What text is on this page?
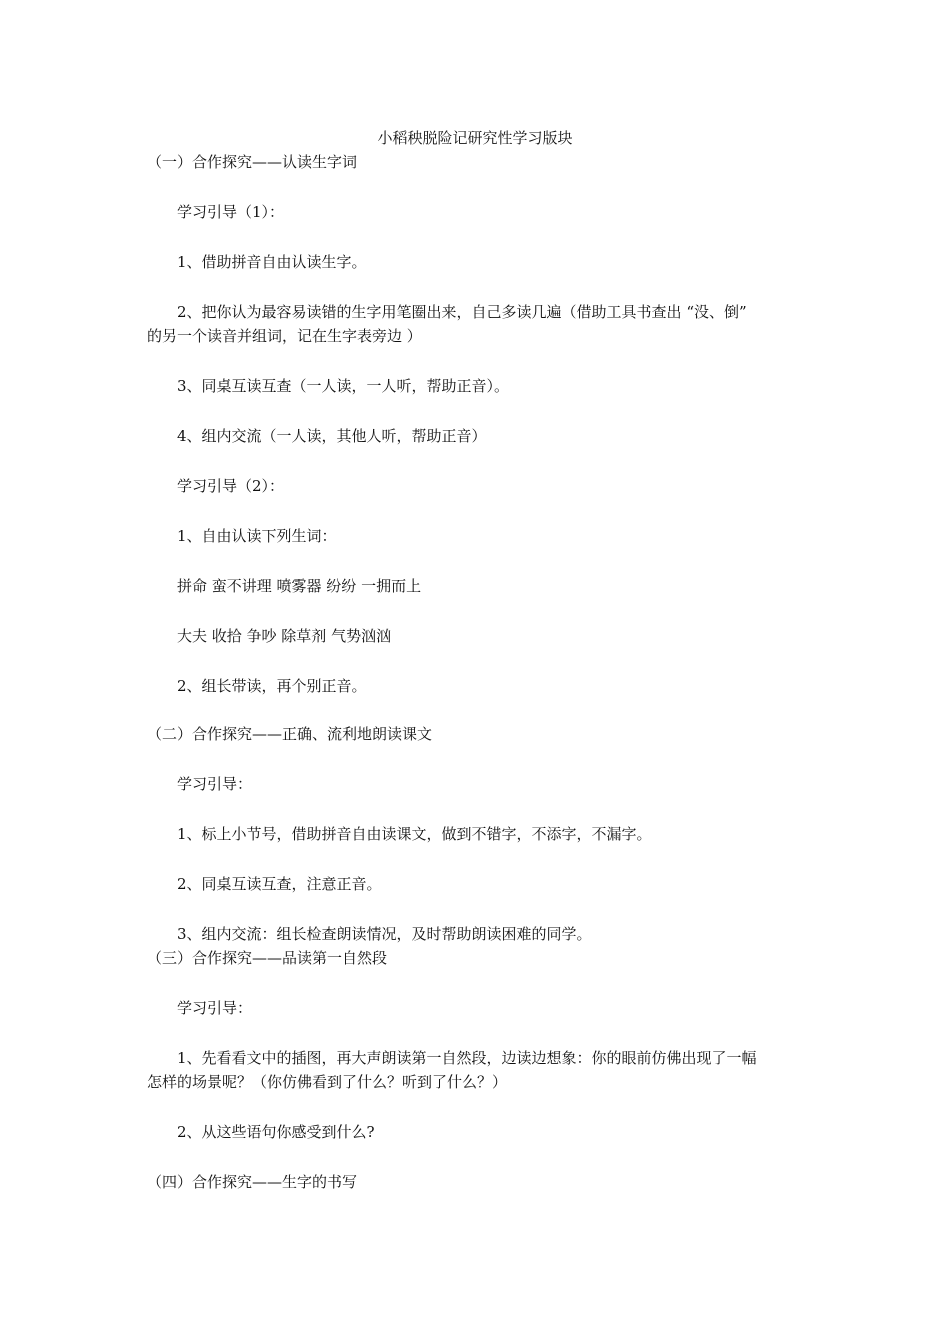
小稻秧脱险记研究性学习版块
（一）合作探究——认读生字词
学习引导（1）：
1、借助拼音自由认读生字。
2、把你认为最容易读错的生字用笔圈出来，自己多读几遍（借助工具书查出 “没、倒”
的另一个读音并组词，记在生字表旁边 ）
3、同桌互读互查（一人读，一人听，帮助正音）。
4、组内交流（一人读，其他人听，帮助正音）
学习引导（2）：
1、自由认读下列生词：
拼命 蛮不讲理 喷雾器 纷纷 一拥而上
大夫 收拾 争吵 除草剂 气势汹汹
2、组长带读，再个别正音。
（二）合作探究——正确、流利地朗读课文
学习引导：
1、标上小节号，借助拼音自由读课文，做到不错字，不添字，不漏字。
2、同桌互读互查，注意正音。
3、组内交流：组长检查朗读情况，及时帮助朗读困难的同学。
（三）合作探究——品读第一自然段
学习引导：
1、先看看文中的插图，再大声朗读第一自然段，边读边想象：你的眼前仿佛出现了一幅
怎样的场景呢？（你仿佛看到了什么？听到了什么？）
2、从这些语句你感受到什么?
（四）合作探究——生字的书写
